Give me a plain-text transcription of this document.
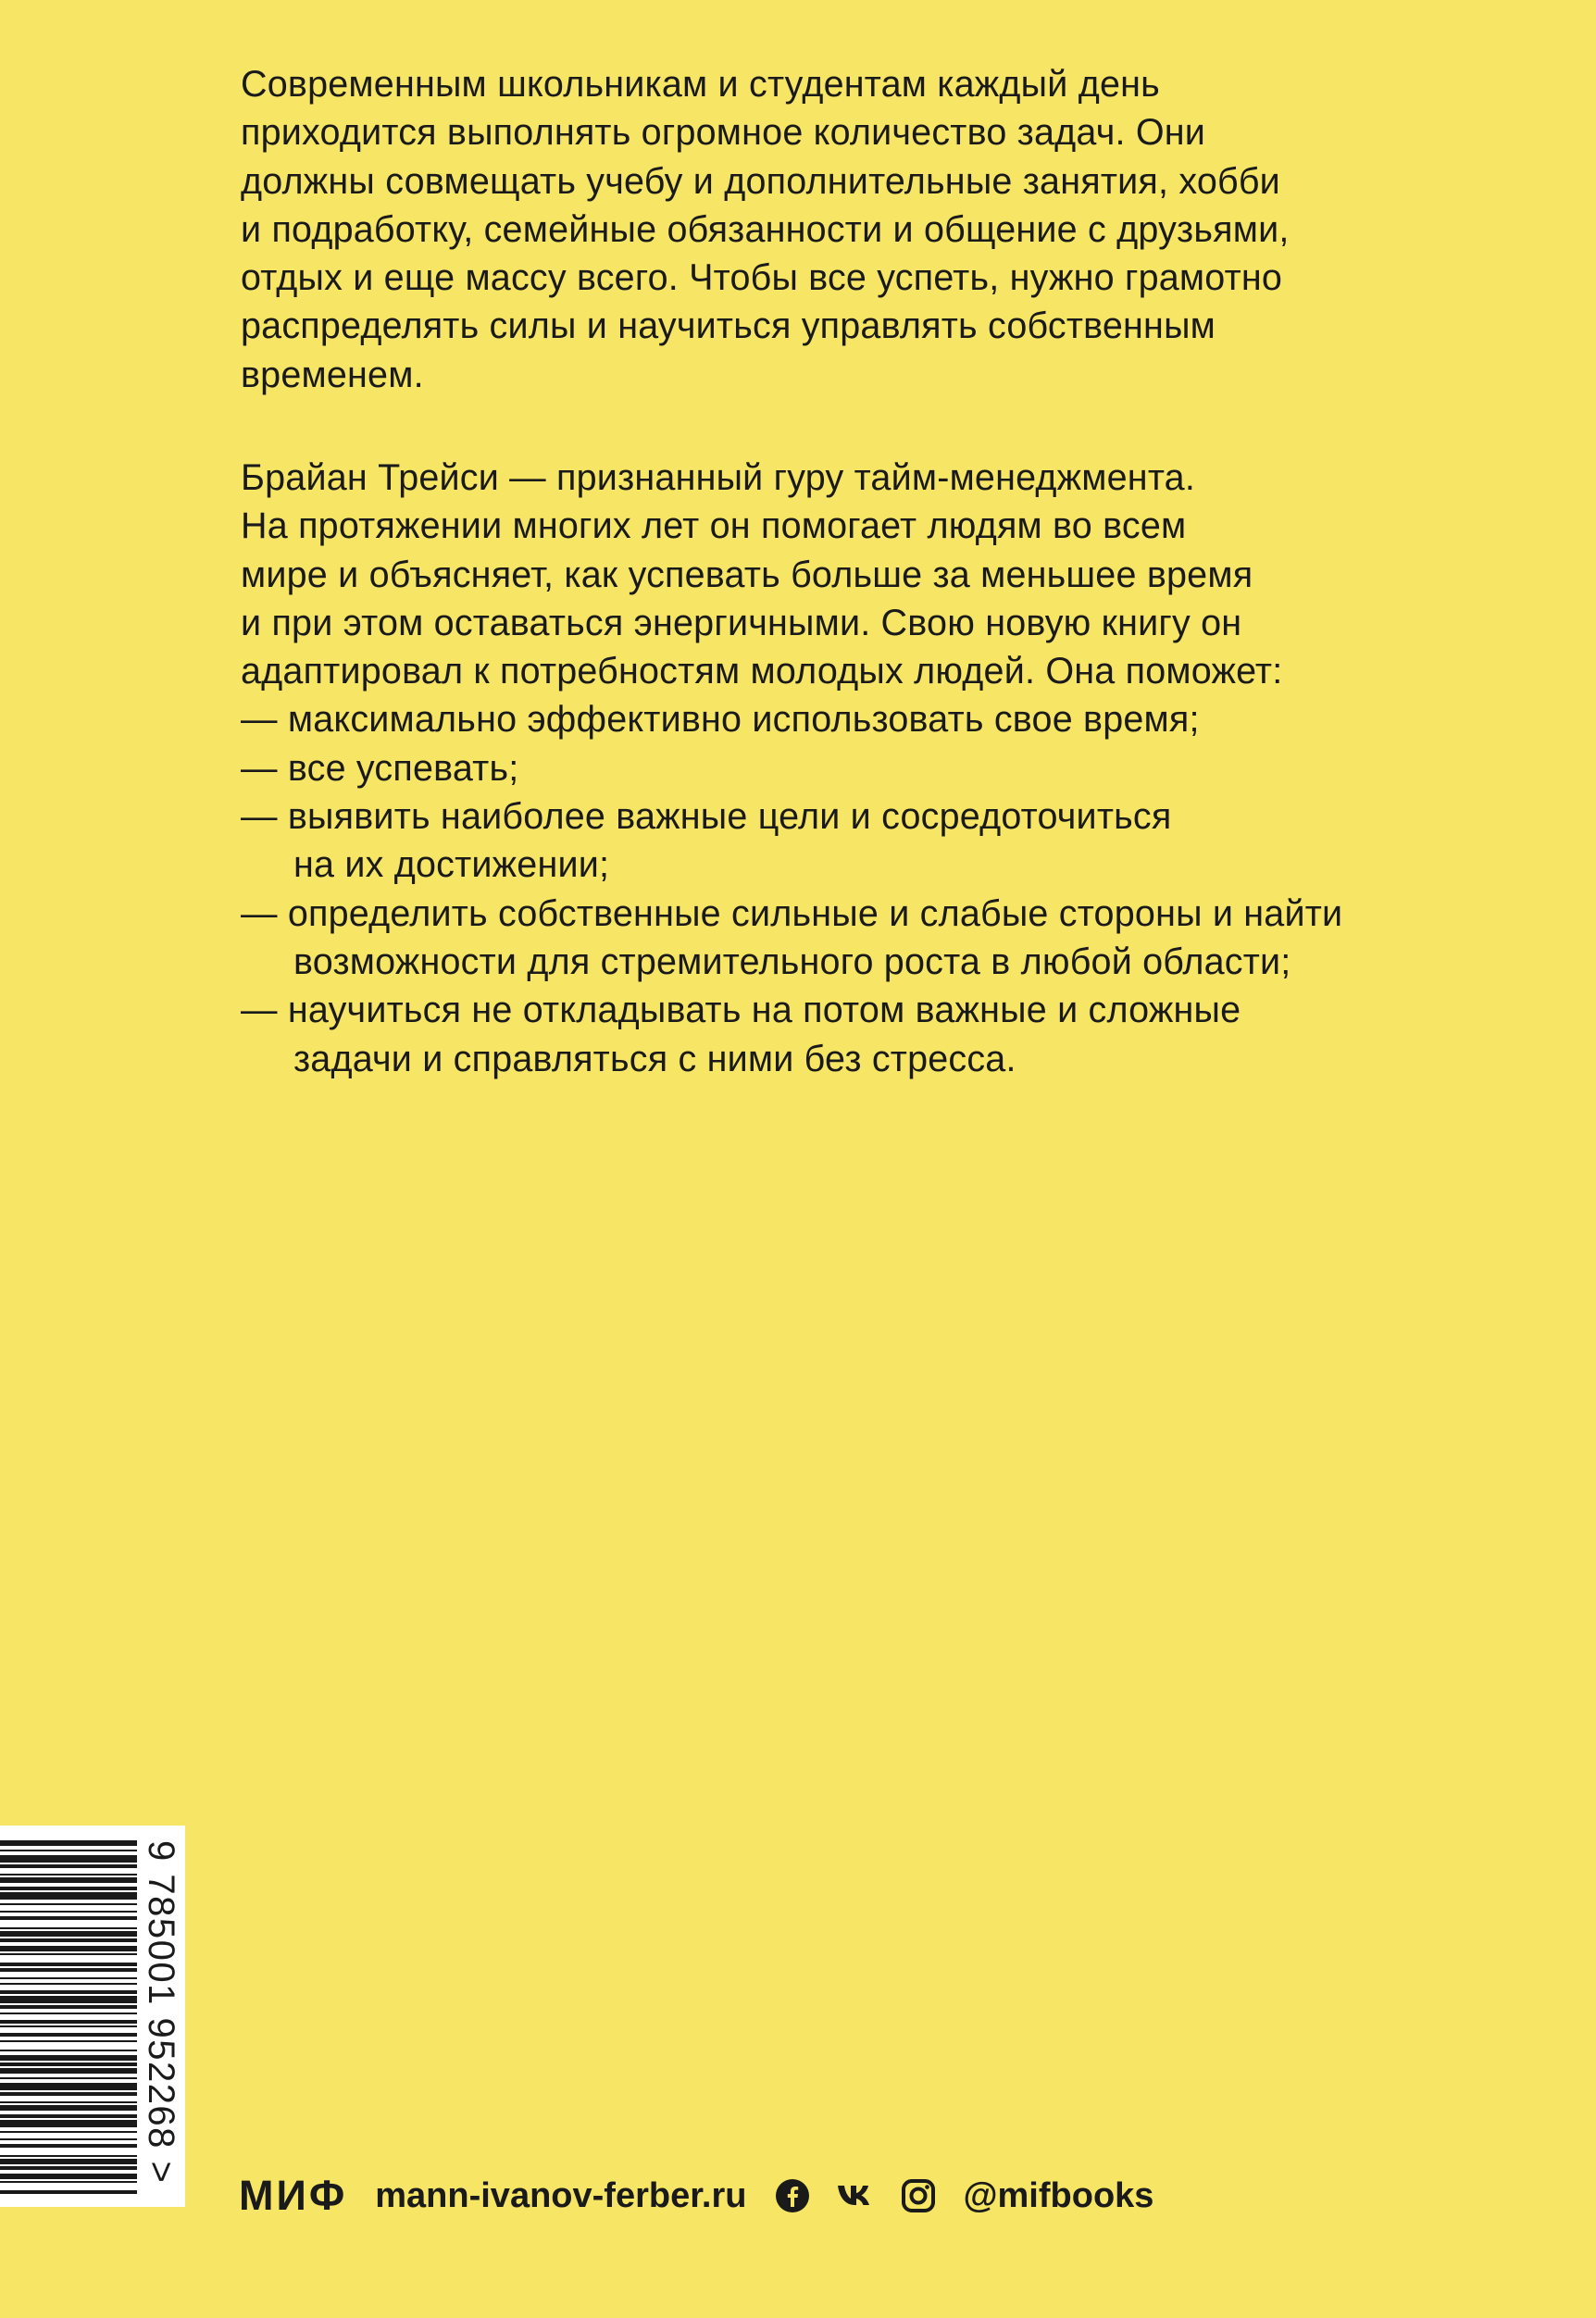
Современным школьникам и студентам каждый день
приходится выполнять огромное количество задач. Они
должны совмещать учебу и дополнительные занятия, хобби
и подработку, семейные обязанности и общение с друзьями,
отдых и еще массу всего. Чтобы все успеть, нужно грамотно
распределять силы и научиться управлять собственным
временем.
Брайан Трейси — признанный гуру тайм-менеджмента.
На протяжении многих лет он помогает людям во всем
мире и объясняет, как успевать больше за меньшее время
и при этом оставаться энергичными. Свою новую книгу он
адаптировал к потребностям молодых людей. Она поможет:
— максимально эффективно использовать свое время;
— все успевать;
— выявить наиболее важные цели и сосредоточиться
на их достижении;
— определить собственные сильные и слабые стороны и найти
возможности для стремительного роста в любой области;
— научиться не откладывать на потом важные и сложные
задачи и справляться с ними без стресса.
9 785001 952268 >
МИФ mann-ivanov-ferber.ru	@mifbooks
